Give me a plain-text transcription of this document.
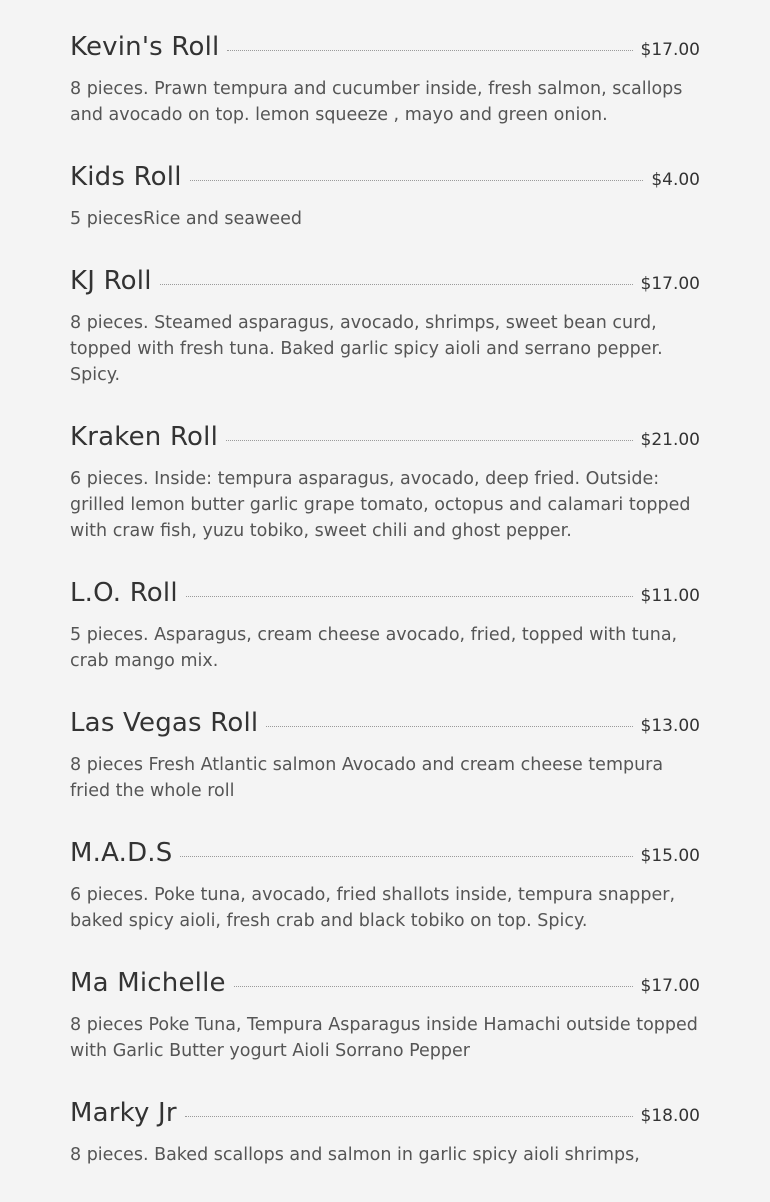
Kevin's Roll	$17.00

8 pieces. Prawn tempura and cucumber inside, fresh salmon, scallops and avocado on top. lemon squeeze , mayo and green onion.

Kids Roll	$4.00

5 piecesRice and seaweed

KJ Roll	$17.00

8 pieces. Steamed asparagus, avocado, shrimps, sweet bean curd, topped with fresh tuna. Baked garlic spicy aioli and serrano pepper. Spicy.

Kraken Roll	$21.00

6 pieces. Inside: tempura asparagus, avocado, deep fried. Outside: grilled lemon butter garlic grape tomato, octopus and calamari topped with craw fish, yuzu tobiko, sweet chili and ghost pepper.

L.O. Roll	$11.00

5 pieces. Asparagus, cream cheese avocado, fried, topped with tuna, crab mango mix.

Las Vegas Roll	$13.00

8 pieces Fresh Atlantic salmon Avocado and cream cheese tempura fried the whole roll

M.A.D.S	$15.00

6 pieces. Poke tuna, avocado, fried shallots inside, tempura snapper, baked spicy aioli, fresh crab and black tobiko on top. Spicy.

Ma Michelle	$17.00

8 pieces Poke Tuna, Tempura Asparagus inside Hamachi outside topped with Garlic Butter yogurt Aioli Sorrano Pepper

Marky Jr	$18.00

8 pieces. Baked scallops and salmon in garlic spicy aioli shrimps,
